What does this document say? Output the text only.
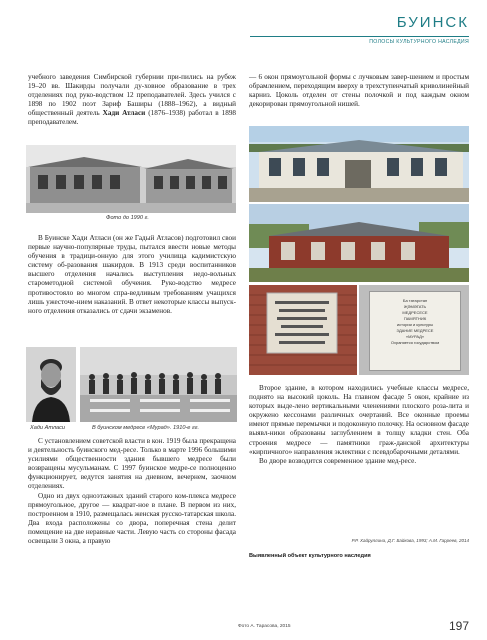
БУИНСК
ПОЛОСЫ КУЛЬТУРНОГО НАСЛЕДИЯ

учебного заведения Симбирской губернии при-пились на рубеж 19–20 вв. Шакирды получали ду-ховное образование в трех отделениях под руко-водством 12 преподавателей. Здесь учился с 1898 по 1902 поэт Зариф Баширы (1888–1962), а видный общественный деятель Хади Атласи (1876–1938) работал в 1898 преподавателем.

Фото до 1990 г.

В Буинске Хади Атласи (он же Гадый Атласов) подготовил свои первые научно-популярные труды, пытался ввести новые методы обучения в традици-онную для этого училища кадимистскую систему об-разования шакирдов. В 1913 среди воспитанников высшего отделения начались выступления недо-вольных старометодной системой обучения. Руко-водство медресе противостояло во многом спра-ведливым требованиям учащихся лишь ужесточе-нием наказаний. В ответ некоторые классы выпуск-ного отделения отказались от сдачи экзаменов.

Хади Атласи	В буинском медресе «Мурад». 1910-е гг.

С установлением советской власти в кон. 1919 была прекращена и деятельность буинского мед-ресе. Только в марте 1996 большими усилиями общественности здания бывшего медресе были возвращены мусульманам. С 1997 буинское медре-се полноценно функционирует, ведутся занятия на дневном, вечернем, заочном отделениях.

Одно из двух одноэтажных зданий старого ком-плекса медресе прямоугольное, другое — квадрат-ное в плане. В первом из них, построенном в 1910, размещалась женская русско-татарская школа. Два входа расположены со двора, поперечная стена делит помещение на две неравные части. Левую часть со стороны фасада освещали 3 окна, а правую

— 6 окон прямоугольной формы с лучковым завер-шением и простым обрамлением, переходящим вверху в трехступенчатый криволинейный карниз. Цоколь отделен от стены полочкой и под каждым окном декорирован прямоугольной нишей.

Ба татарстан
ҖӘМӘГАТЬ
МЕДРЕСЕСЕ
ПАМЯТНИК
истории и культуры
ЗДАНИЕ МЕДРЕСЕ
«МУРАД»
Охраняется государством

Второе здание, в котором находились учебные классы медресе, поднято на высокий цоколь. На главном фасаде 5 окон, крайние из которых выде-лено вертикальными членениями плоского роза-лита и окружено кессонами различных очертаний. Все оконные проемы имеют прямые перемычки и подоконную полочку. На основном фасаде выявл-ники образованы заглублением в толщу кладки стен. Оба строения медресе — памятники граж-данской архитектуры «кирпичного» направления эклектики с псевдобарочными деталями.

Во дворе возводится современное здание мед-ресе.

Р.Р. Хайруллина, Д.Г. Байкова, 1993; А.М. Гарреев, 2014
Выявленный объект культурного наследия
Фото А. Тарасова, 2015	197
